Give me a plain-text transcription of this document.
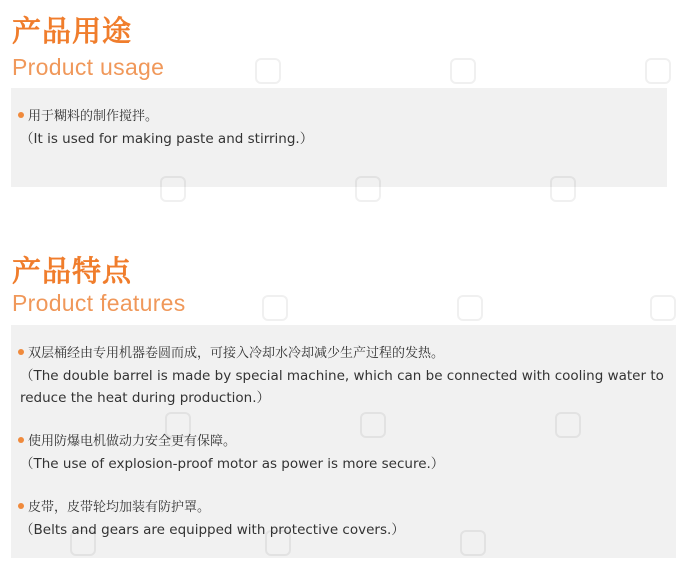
产品用途
Product usage
用于糊料的制作搅拌。
（It is used for making paste and stirring.）
产品特点
Product features
双层桶经由专用机器卷圆而成，可接入冷却水冷却减少生产过程的发热。
（The double barrel is made by special machine, which can be connected with cooling water to reduce the heat during production.）
使用防爆电机做动力安全更有保障。
（The use of explosion-proof motor as power is more secure.）
皮带，皮带轮均加装有防护罩。
（Belts and gears are equipped with protective covers.）
